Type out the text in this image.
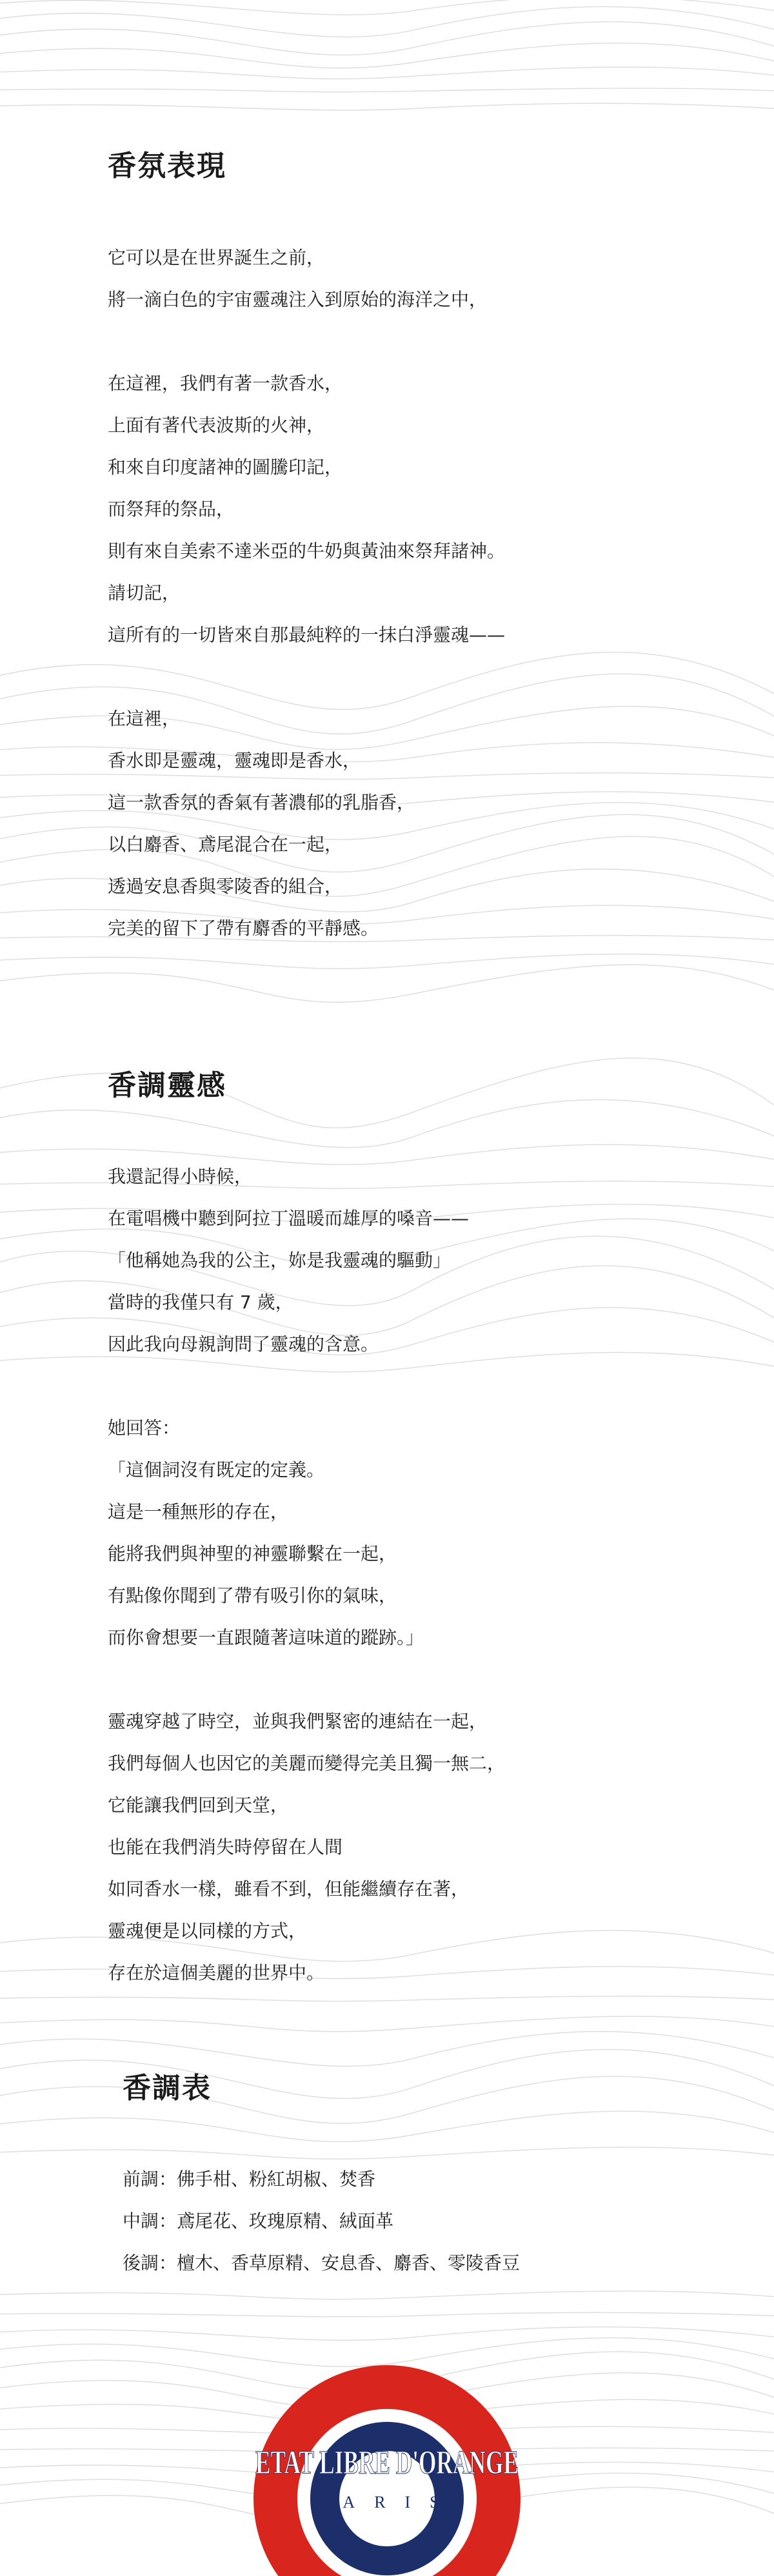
香氛表現
它可以是在世界誕生之前，
將一滴白色的宇宙靈魂注入到原始的海洋之中，
在這裡，我們有著一款香水，
上面有著代表波斯的火神，
和來自印度諸神的圖騰印記，
而祭拜的祭品，
則有來自美索不達米亞的牛奶與黃油來祭拜諸神。
請切記，
這所有的一切皆來自那最純粹的一抹白淨靈魂——
在這裡，
香水即是靈魂，靈魂即是香水，
這一款香氛的香氣有著濃郁的乳脂香，
以白麝香、鳶尾混合在一起，
透過安息香與零陵香的組合，
完美的留下了帶有麝香的平靜感。
香調靈感
我還記得小時候，
在電唱機中聽到阿拉丁溫暖而雄厚的嗓音——
「他稱她為我的公主，妳是我靈魂的驅動」
當時的我僅只有 7 歲，
因此我向母親詢問了靈魂的含意。
她回答：
「這個詞沒有既定的定義。
這是一種無形的存在，
能將我們與神聖的神靈聯繫在一起，
有點像你聞到了帶有吸引你的氣味，
而你會想要一直跟隨著這味道的蹤跡。」
靈魂穿越了時空，並與我們緊密的連結在一起，
我們每個人也因它的美麗而變得完美且獨一無二，
它能讓我們回到天堂，
也能在我們消失時停留在人間
如同香水一樣，雖看不到，但能繼續存在著，
靈魂便是以同樣的方式，
存在於這個美麗的世界中。
香調表
前調：佛手柑、粉紅胡椒、焚香
中調：鳶尾花、玫瑰原精、絨面革
後調：檀木、香草原精、安息香、麝香、零陵香豆
ETAT LIBRE D'ORANGE
PARIS
